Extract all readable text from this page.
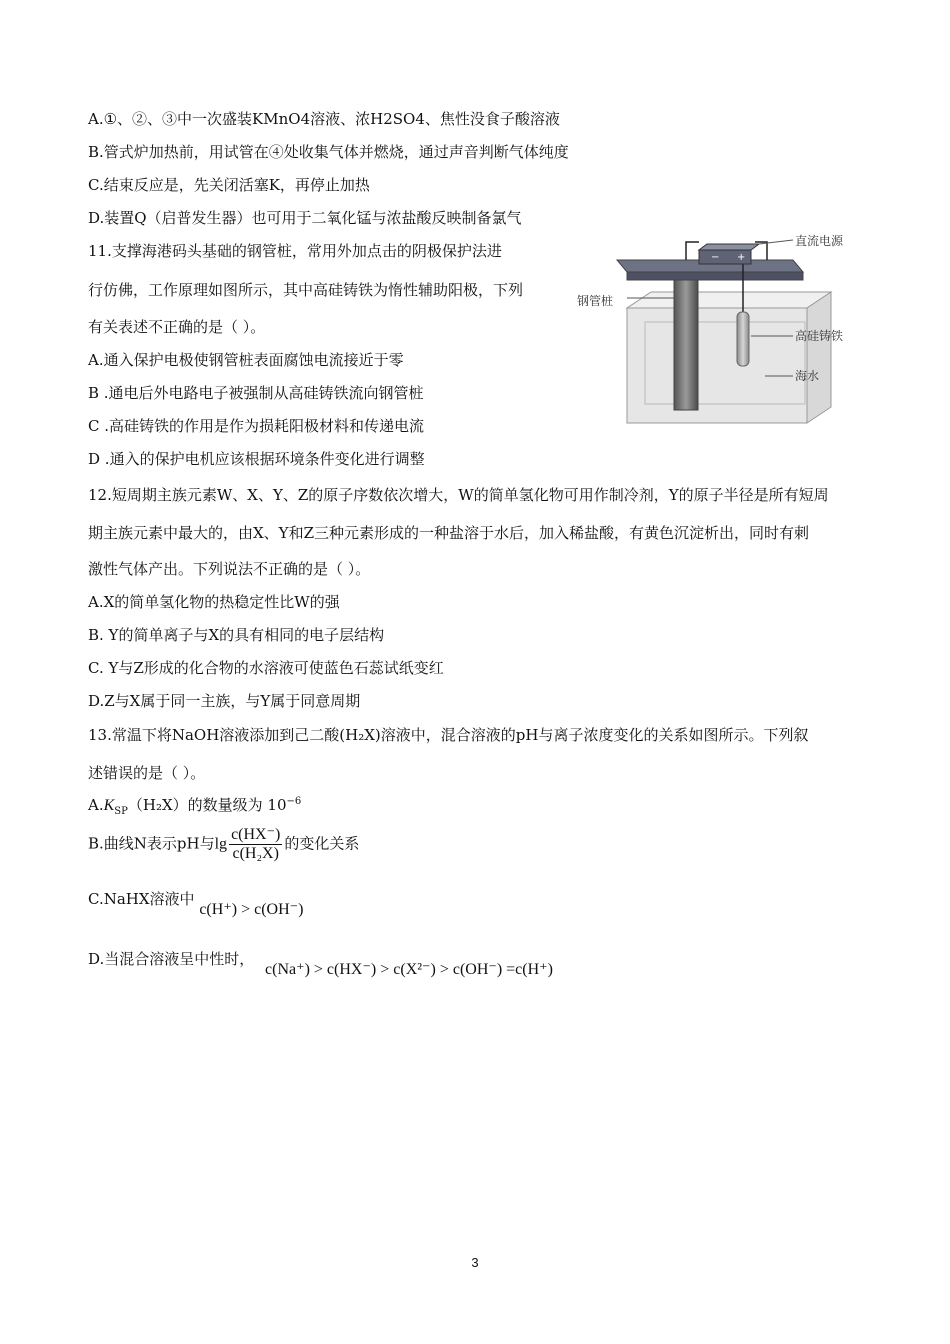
A.①、②、③中一次盛装KMnO4溶液、浓H2SO4、焦性没食子酸溶液
B.管式炉加热前，用试管在④处收集气体并燃烧，通过声音判断气体纯度
C.结束反应是，先关闭活塞K，再停止加热
D.装置Q（启普发生器）也可用于二氧化锰与浓盐酸反映制备氯气
11.支撑海港码头基础的钢管桩，常用外加点击的阴极保护法进
行仿佛，工作原理如图所示，其中高硅铸铁为惰性辅助阳极，下列
有关表述不正确的是（ ）。
A.通入保护电极使钢管桩表面腐蚀电流接近于零
B .通电后外电路电子被强制从高硅铸铁流向钢管桩
C .高硅铸铁的作用是作为损耗阳极材料和传递电流
D .通入的保护电机应该根据环境条件变化进行调整
− +
直流电源
钢管桩
高硅铸铁
海水
12.短周期主族元素W、X、Y、Z的原子序数依次增大，W的简单氢化物可用作制冷剂，Y的原子半径是所有短周
期主族元素中最大的，由X、Y和Z三种元素形成的一种盐溶于水后，加入稀盐酸，有黄色沉淀析出，同时有刺
激性气体产出。下列说法不正确的是（ ）。
A.X的简单氢化物的热稳定性比W的强
B. Y的简单离子与X的具有相同的电子层结构
C. Y与Z形成的化合物的水溶液可使蓝色石蕊试纸变红
D.Z与X属于同一主族，与Y属于同意周期
13.常温下将NaOH溶液添加到己二酸(H₂X)溶液中，混合溶液的pH与离子浓度变化的关系如图所示。下列叙
述错误的是（ ）。
$A.K_{SP}(H_2X)$的数量级为 $10^{-6}$
B.曲线N表示pH与$\lg \frac{c(HX^-)}{\text{c(H₂X)}}$ 的变化关系
C.NaHX溶液中 c(H⁺) > c(OH⁻)
D.当混合溶液呈中性时， c(Na⁺) > c(HX⁻) > c(X²⁻) > c(OH⁻) =c(H⁺)
3
